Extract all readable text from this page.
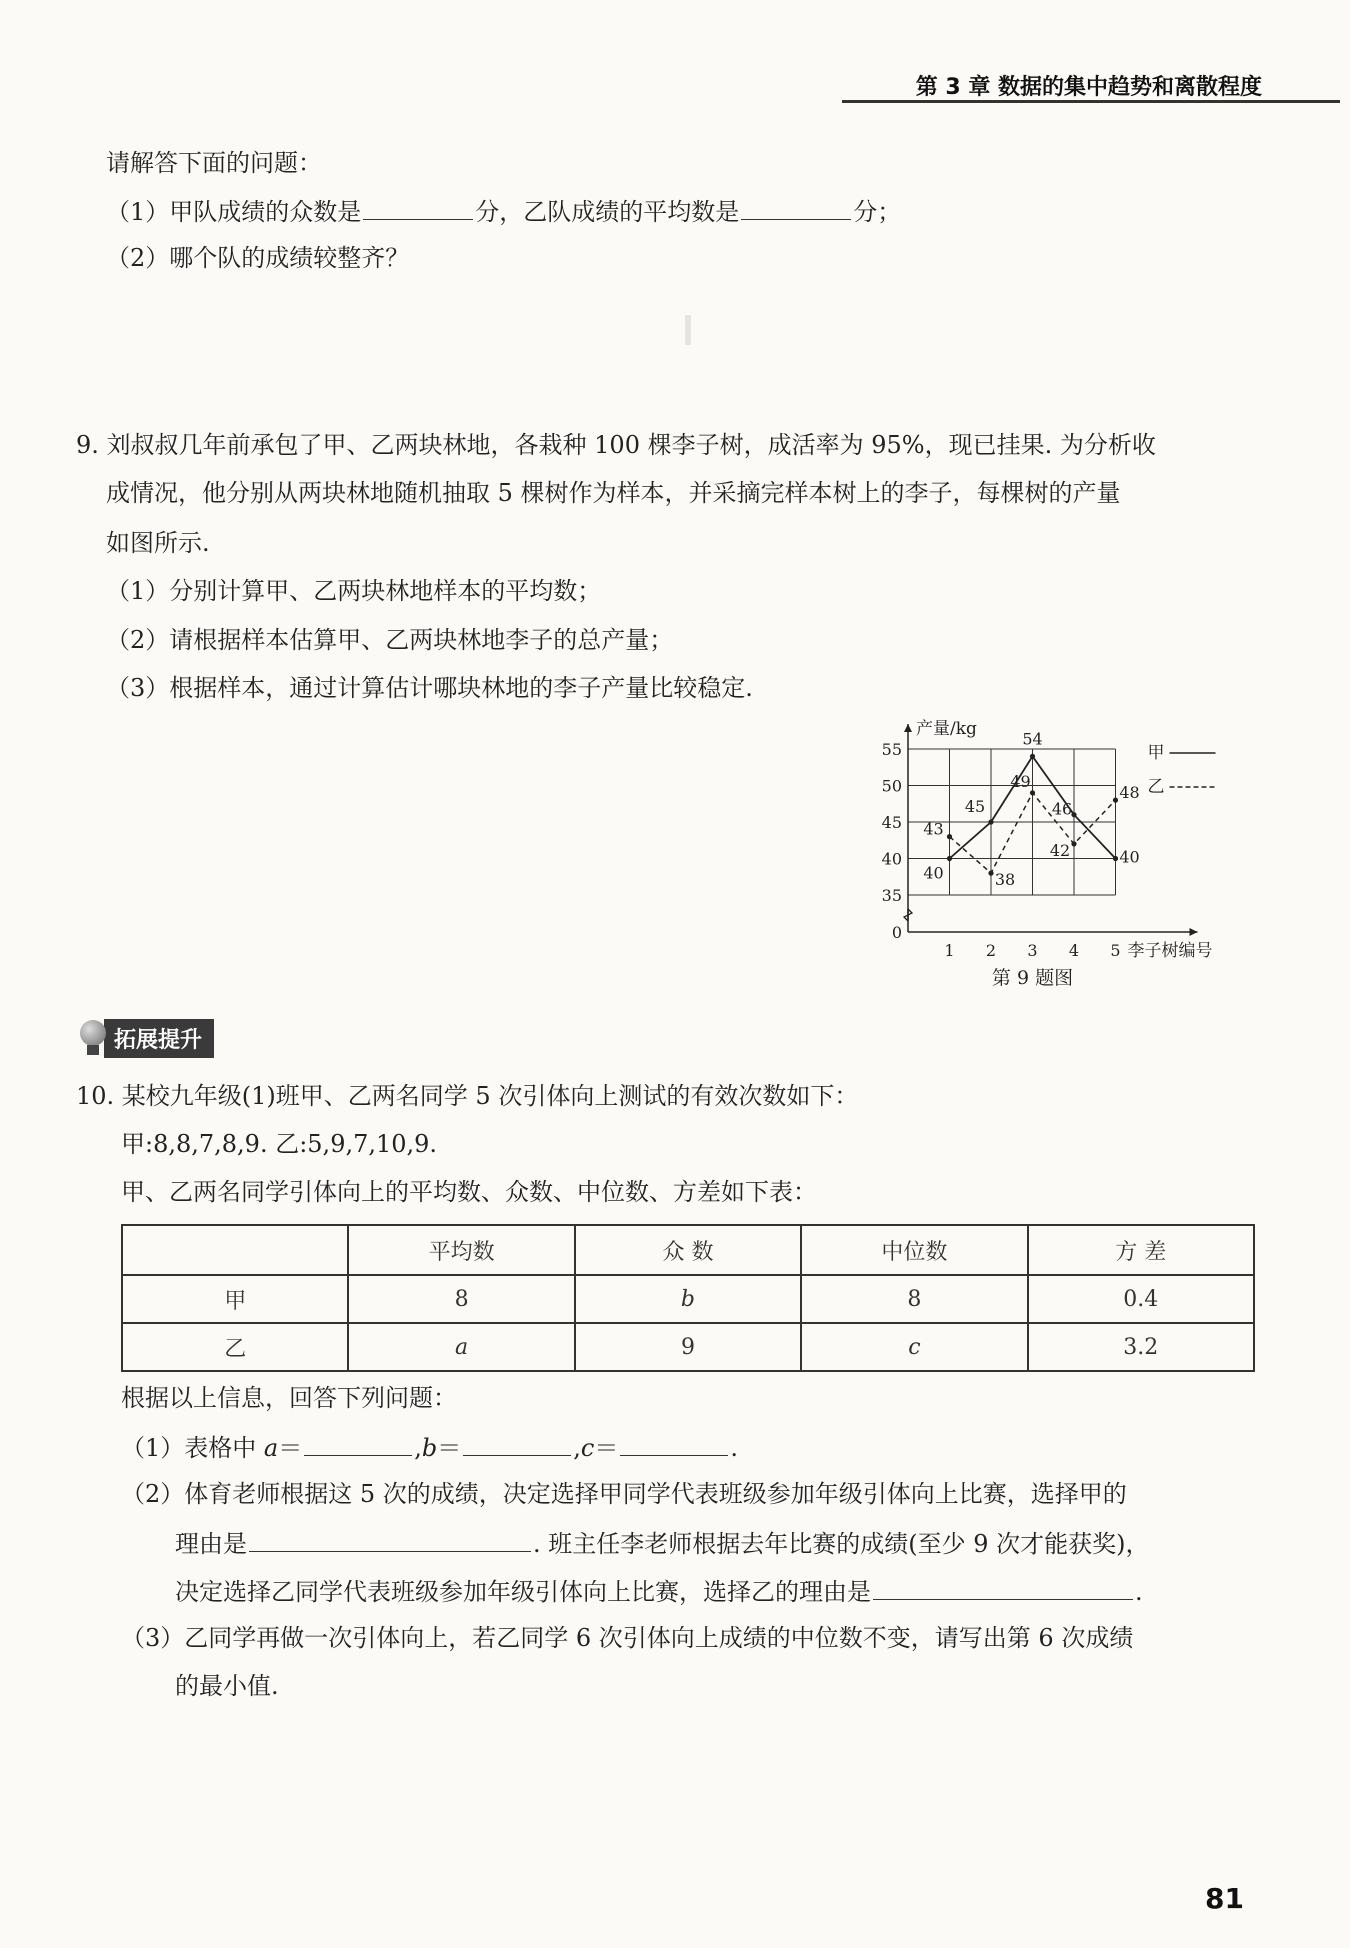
第 3 章 数据的集中趋势和离散程度
请解答下面的问题：
（1）甲队成绩的众数是	分，乙队成绩的平均数是	分；
（2）哪个队的成绩较整齐？
9. 刘叔叔几年前承包了甲、乙两块林地，各栽种 100 棵李子树，成活率为 95%，现已挂果. 为分析收
成情况，他分别从两块林地随机抽取 5 棵树作为样本，并采摘完样本树上的李子，每棵树的产量
如图所示.
（1）分别计算甲、乙两块林地样本的平均数；
（2）请根据样本估算甲、乙两块林地李子的总产量；
（3）根据样本，通过计算估计哪块林地的李子产量比较稳定.
产量/kg
李子树编号
0
35
40
45
50
55
1 2 3 4 5
40
45
54
46
40
43
38
49
42
48
甲
乙
第 9 题图
拓展提升
10. 某校九年级(1)班甲、乙两名同学 5 次引体向上测试的有效次数如下：
甲:8,8,7,8,9. 乙:5,9,7,10,9.
甲、乙两名同学引体向上的平均数、众数、中位数、方差如下表：
	平均数	众 数	中位数	方 差
甲	8	b	8	0.4
乙	a	9	c	3.2
根据以上信息，回答下列问题：
（1）表格中 a＝	,b＝	,c＝	.
（2）体育老师根据这 5 次的成绩，决定选择甲同学代表班级参加年级引体向上比赛，选择甲的
理由是	. 班主任李老师根据去年比赛的成绩(至少 9 次才能获奖)，
决定选择乙同学代表班级参加年级引体向上比赛，选择乙的理由是	.
（3）乙同学再做一次引体向上，若乙同学 6 次引体向上成绩的中位数不变，请写出第 6 次成绩
的最小值.
81
